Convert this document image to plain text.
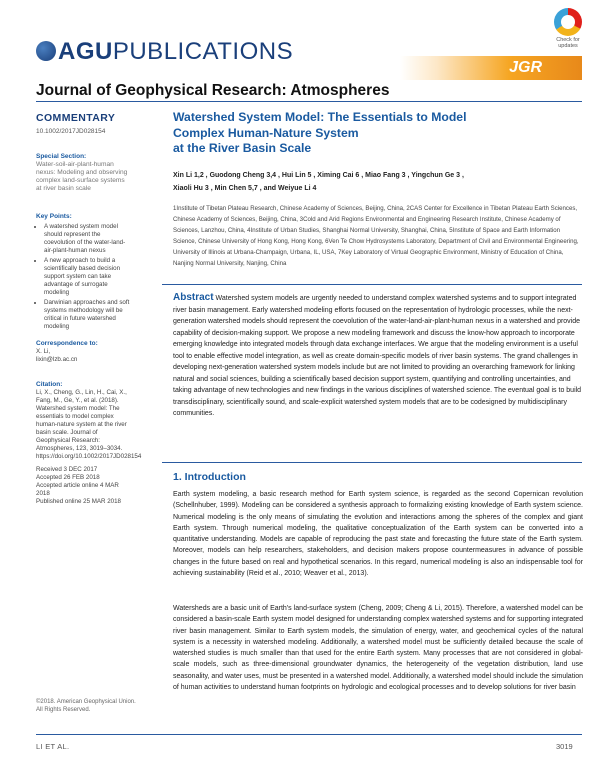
AGUPUBLICATIONS	Check for
updates
JGR
Journal of Geophysical Research: Atmospheres
COMMENTARY
10.1002/2017JD028154
Special Section:
Water-soil-air-plant-human nexus: Modeling and observing complex land-surface systems at river basin scale
Key Points:
• A watershed system model should represent the coevolution of the water-land-air-plant-human nexus
• A new approach to build a scientifically based decision support system can take advantage of surrogate modeling
• Darwinian approaches and soft systems methodology will be critical in future watershed modeling
Correspondence to:
X. Li,
lixin@lzb.ac.cn
Citation:
Li, X., Cheng, G., Lin, H., Cai, X., Fang, M., Ge, Y., et al. (2018). Watershed system model: The essentials to model complex human-nature system at the river basin scale. Journal of Geophysical Research: Atmospheres, 123, 3019–3034. https://doi.org/10.1002/2017JD028154
Received 3 DEC 2017
Accepted 26 FEB 2018
Accepted article online 4 MAR 2018
Published online 25 MAR 2018
©2018. American Geophysical Union.
All Rights Reserved.
Watershed System Model: The Essentials to Model
Complex Human-Nature System
at the River Basin Scale
Xin Li 1,2 , Guodong Cheng 3,4 , Hui Lin 5 , Ximing Cai 6 , Miao Fang 3 , Yingchun Ge 3 ,
Xiaoli Hu 3 , Min Chen 5,7 , and Weiyue Li 4
1Institute of Tibetan Plateau Research, Chinese Academy of Sciences, Beijing, China, 2CAS Center for Excellence in Tibetan Plateau Earth Sciences, Chinese Academy of Sciences, Beijing, China, 3Cold and Arid Regions Environmental and Engineering Research Institute, Chinese Academy of Sciences, Lanzhou, China, 4Institute of Urban Studies, Shanghai Normal University, Shanghai, China, 5Institute of Space and Earth Information Science, Chinese University of Hong Kong, Hong Kong, 6Ven Te Chow Hydrosystems Laboratory, Department of Civil and Environmental Engineering, University of Illinois at Urbana-Champaign, Urbana, IL, USA, 7Key Laboratory of Virtual Geographic Environment, Ministry of Education of China, Nanjing Normal University, Nanjing, China
Abstract Watershed system models are urgently needed to understand complex watershed systems and to support integrated river basin management. Early watershed modeling efforts focused on the representation of hydrologic processes, while the next-generation watershed models should represent the coevolution of the water-land-air-plant-human nexus in a watershed and provide capability of decision-making support. We propose a new modeling framework and discuss the know-how approach to incorporate emerging knowledge into integrated models through data exchange interfaces. We argue that the modeling environment is a useful tool to enable effective model integration, as well as create domain-specific models of river basin systems. The grand challenges in developing next-generation watershed system models include but are not limited to providing an overarching framework for linking natural and social sciences, building a scientifically based decision support system, quantifying and controlling uncertainties, and taking advantage of new technologies and new findings in the various disciplines of watershed science. The eventual goal is to build transdisciplinary, scientifically sound, and scale-explicit watershed system models that are to be codesigned by multidisciplinary communities.
1. Introduction
Earth system modeling, a basic research method for Earth system science, is regarded as the second Copernican revolution (Schellnhuber, 1999). Modeling can be considered a synthesis approach to formalizing existing knowledge of Earth system science. Numerical modeling is the only means of simulating the evolution and interactions among the spheres of the complex and giant Earth system. Through numerical modeling, the qualitative conceptualization of the Earth system can be converted into a quantitative understanding. Models are capable of reproducing the past state and forecasting the future state of the Earth system. Moreover, models can help researchers, stakeholders, and decision makers propose countermeasures in advance of possible changes in the future based on real and hypothetical scenarios. In this regard, numerical modeling is also an indispensable tool for achieving sustainability (Reid et al., 2010; Weaver et al., 2013).
Watersheds are a basic unit of Earth's land-surface system (Cheng, 2009; Cheng & Li, 2015). Therefore, a watershed model can be considered a basin-scale Earth system model designed for understanding complex watershed systems and for supporting integrated river basin management. Similar to Earth system models, the simulation of energy, water, and geochemical cycles of the natural system is a necessity in watershed modeling. Additionally, a watershed model must be sufficiently detailed because the scale of watershed studies is much smaller than that used for the entire Earth system. Many processes that are not considered in global-scale models, such as three-dimensional groundwater dynamics, the heterogeneity of the vegetation distribution, land use seasonality, and water uses, must be presented in a watershed model. Additionally, a watershed model should include the simulation of human activities to understand human footprints on hydrologic and ecological processes and to develop solutions for river basin
LI ET AL.	3019
